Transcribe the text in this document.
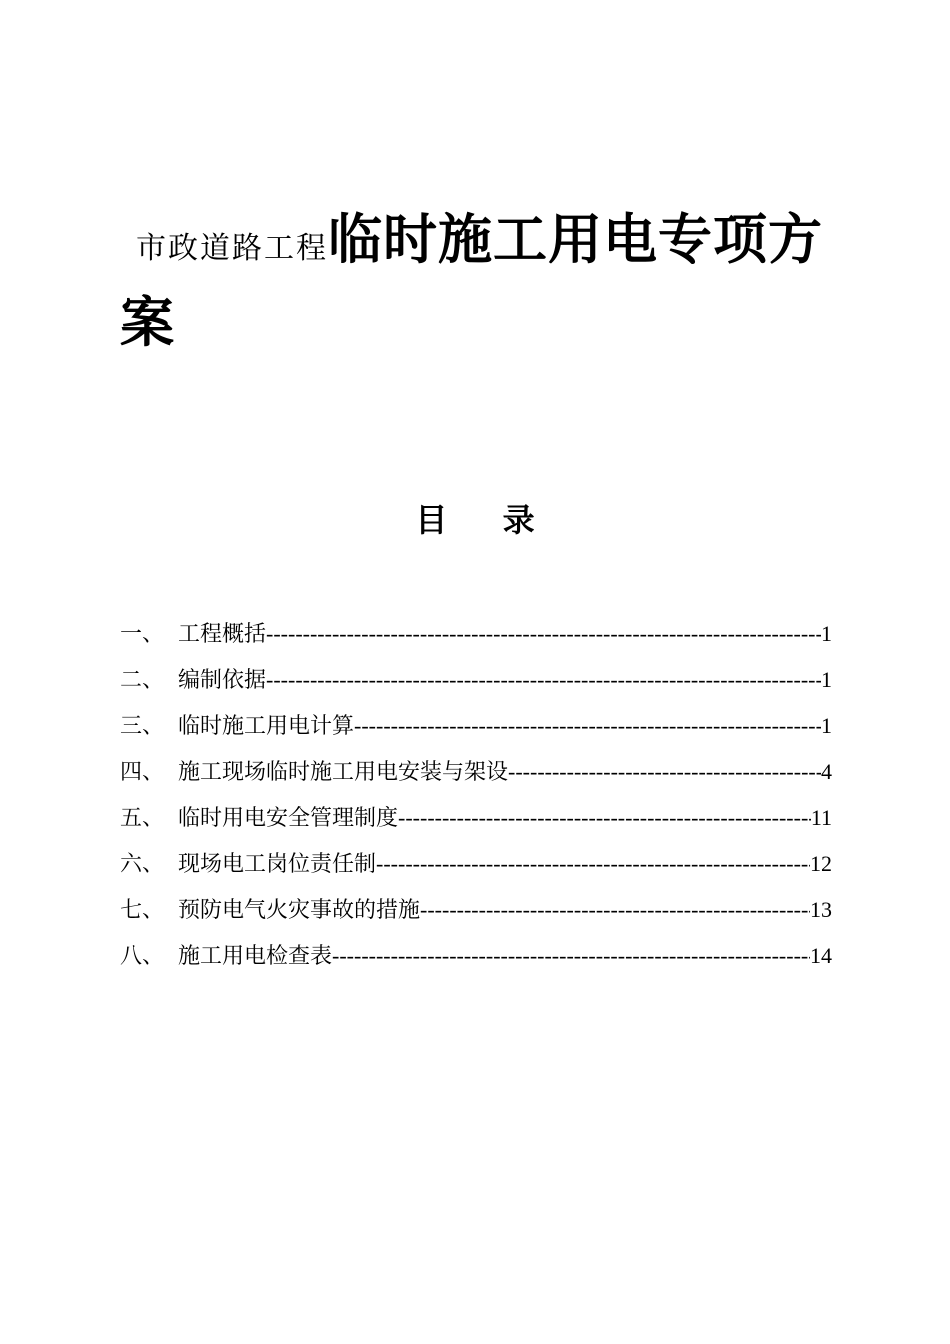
市政道路工程临时施工用电专项方案
目 录
一、 工程概括 -----	1
二、 编制依据 -----	1
三、 临时施工用电计算 -----	1
四、 施工现场临时施工用电安装与架设 -----	4
五、 临时用电安全管理制度 -----	11
六、 现场电工岗位责任制 -----	12
七、 预防电气火灾事故的措施 -----	13
八、 施工用电检查表 -----	14
